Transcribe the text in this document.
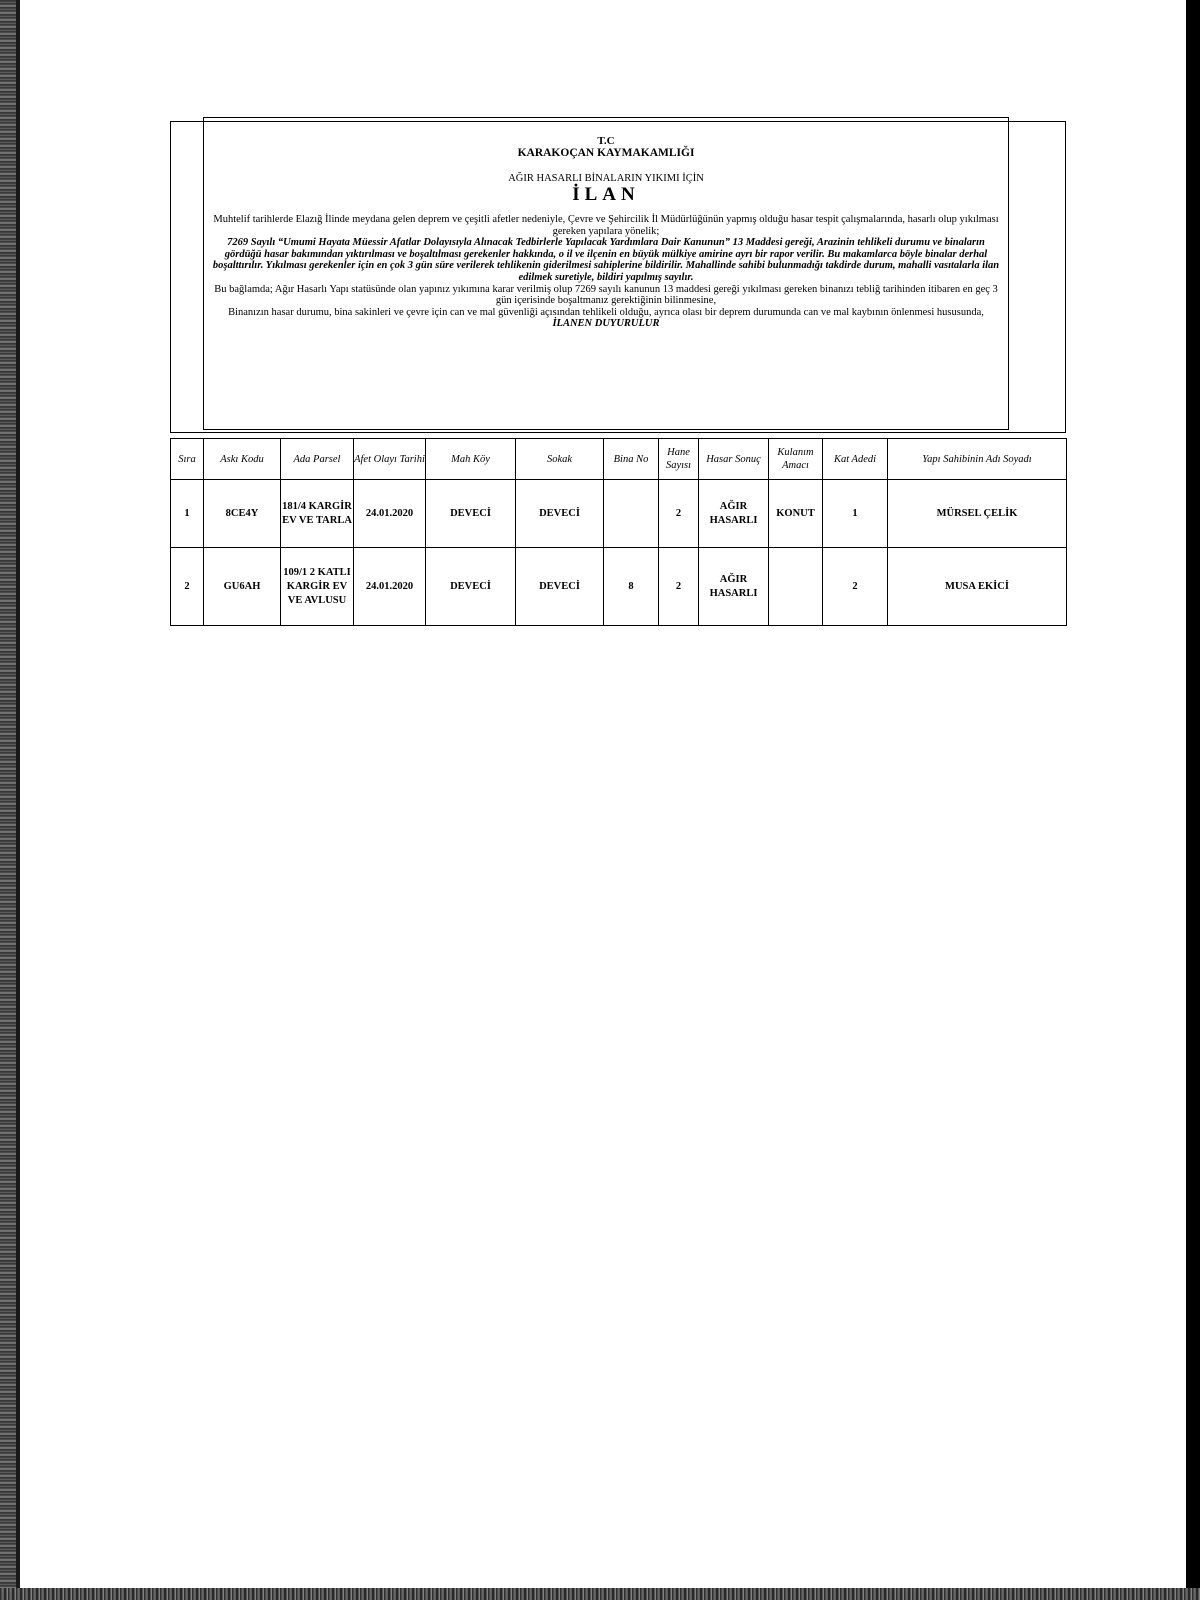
T.C
KARAKOÇAN KAYMAKAMLIĞI
AĞIR HASARLI BİNALARIN YIKIMI İÇİN
İLAN

Muhtelif tarihlerde Elazığ İlinde meydana gelen deprem ve çeşitli afetler nedeniyle, Çevre ve Şehircilik İl Müdürlüğünün yapmış olduğu hasar tespit çalışmalarında, hasarlı olup yıkılması gereken yapılara yönelik;

7269 Sayılı “Umumi Hayata Müessir Afatlar Dolayısıyla Alınacak Tedbirlerle Yapılacak Yardımlara Dair Kanunun” 13 Maddesi gereği, Arazinin tehlikeli durumu ve binaların gördüğü hasar bakımından yıktırılması ve boşaltılması gerekenler hakkında, o il ve ilçenin en büyük mülkiye amirine ayrı bir rapor verilir. Bu makamlarca böyle binalar derhal boşalttırılır. Yıkılması gerekenler için en çok 3 gün süre verilerek tehlikenin giderilmesi sahiplerine bildirilir. Mahallinde sahibi bulunmadığı takdirde durum, mahalli vasıtalarla ilan edilmek suretiyle, bildiri yapılmış sayılır.

Bu bağlamda; Ağır Hasarlı Yapı statüsünde olan yapınız yıkımına karar verilmiş olup 7269 sayılı kanunun 13 maddesi gereği yıkılması gereken binanızı tebliğ tarihinden itibaren en geç 3 gün içerisinde boşaltmanız gerektiğinin bilinmesine,

Binanızın hasar durumu, bina sakinleri ve çevre için can ve mal güvenliği açısından tehlikeli olduğu, ayrıca olası bir deprem durumunda can ve mal kaybının önlenmesi hususunda,

İLANEN DUYURULUR

Sıra	Askı Kodu	Ada Parsel	Afet Olayı Tarihi	Mah Köy	Sokak	Bina No	Hane Sayısı	Hasar Sonuç	Kulanım Amacı	Kat Adedi	Yapı Sahibinin Adı Soyadı
1	8CE4Y	181/4 KARGİR EV VE TARLA	24.01.2020	DEVECİ	DEVECİ		2	AĞIR HASARLI	KONUT	1	MÜRSEL ÇELİK
2	GU6AH	109/1 2 KATLI KARGİR EV VE AVLUSU	24.01.2020	DEVECİ	DEVECİ	8	2	AĞIR HASARLI		2	MUSA EKİCİ
